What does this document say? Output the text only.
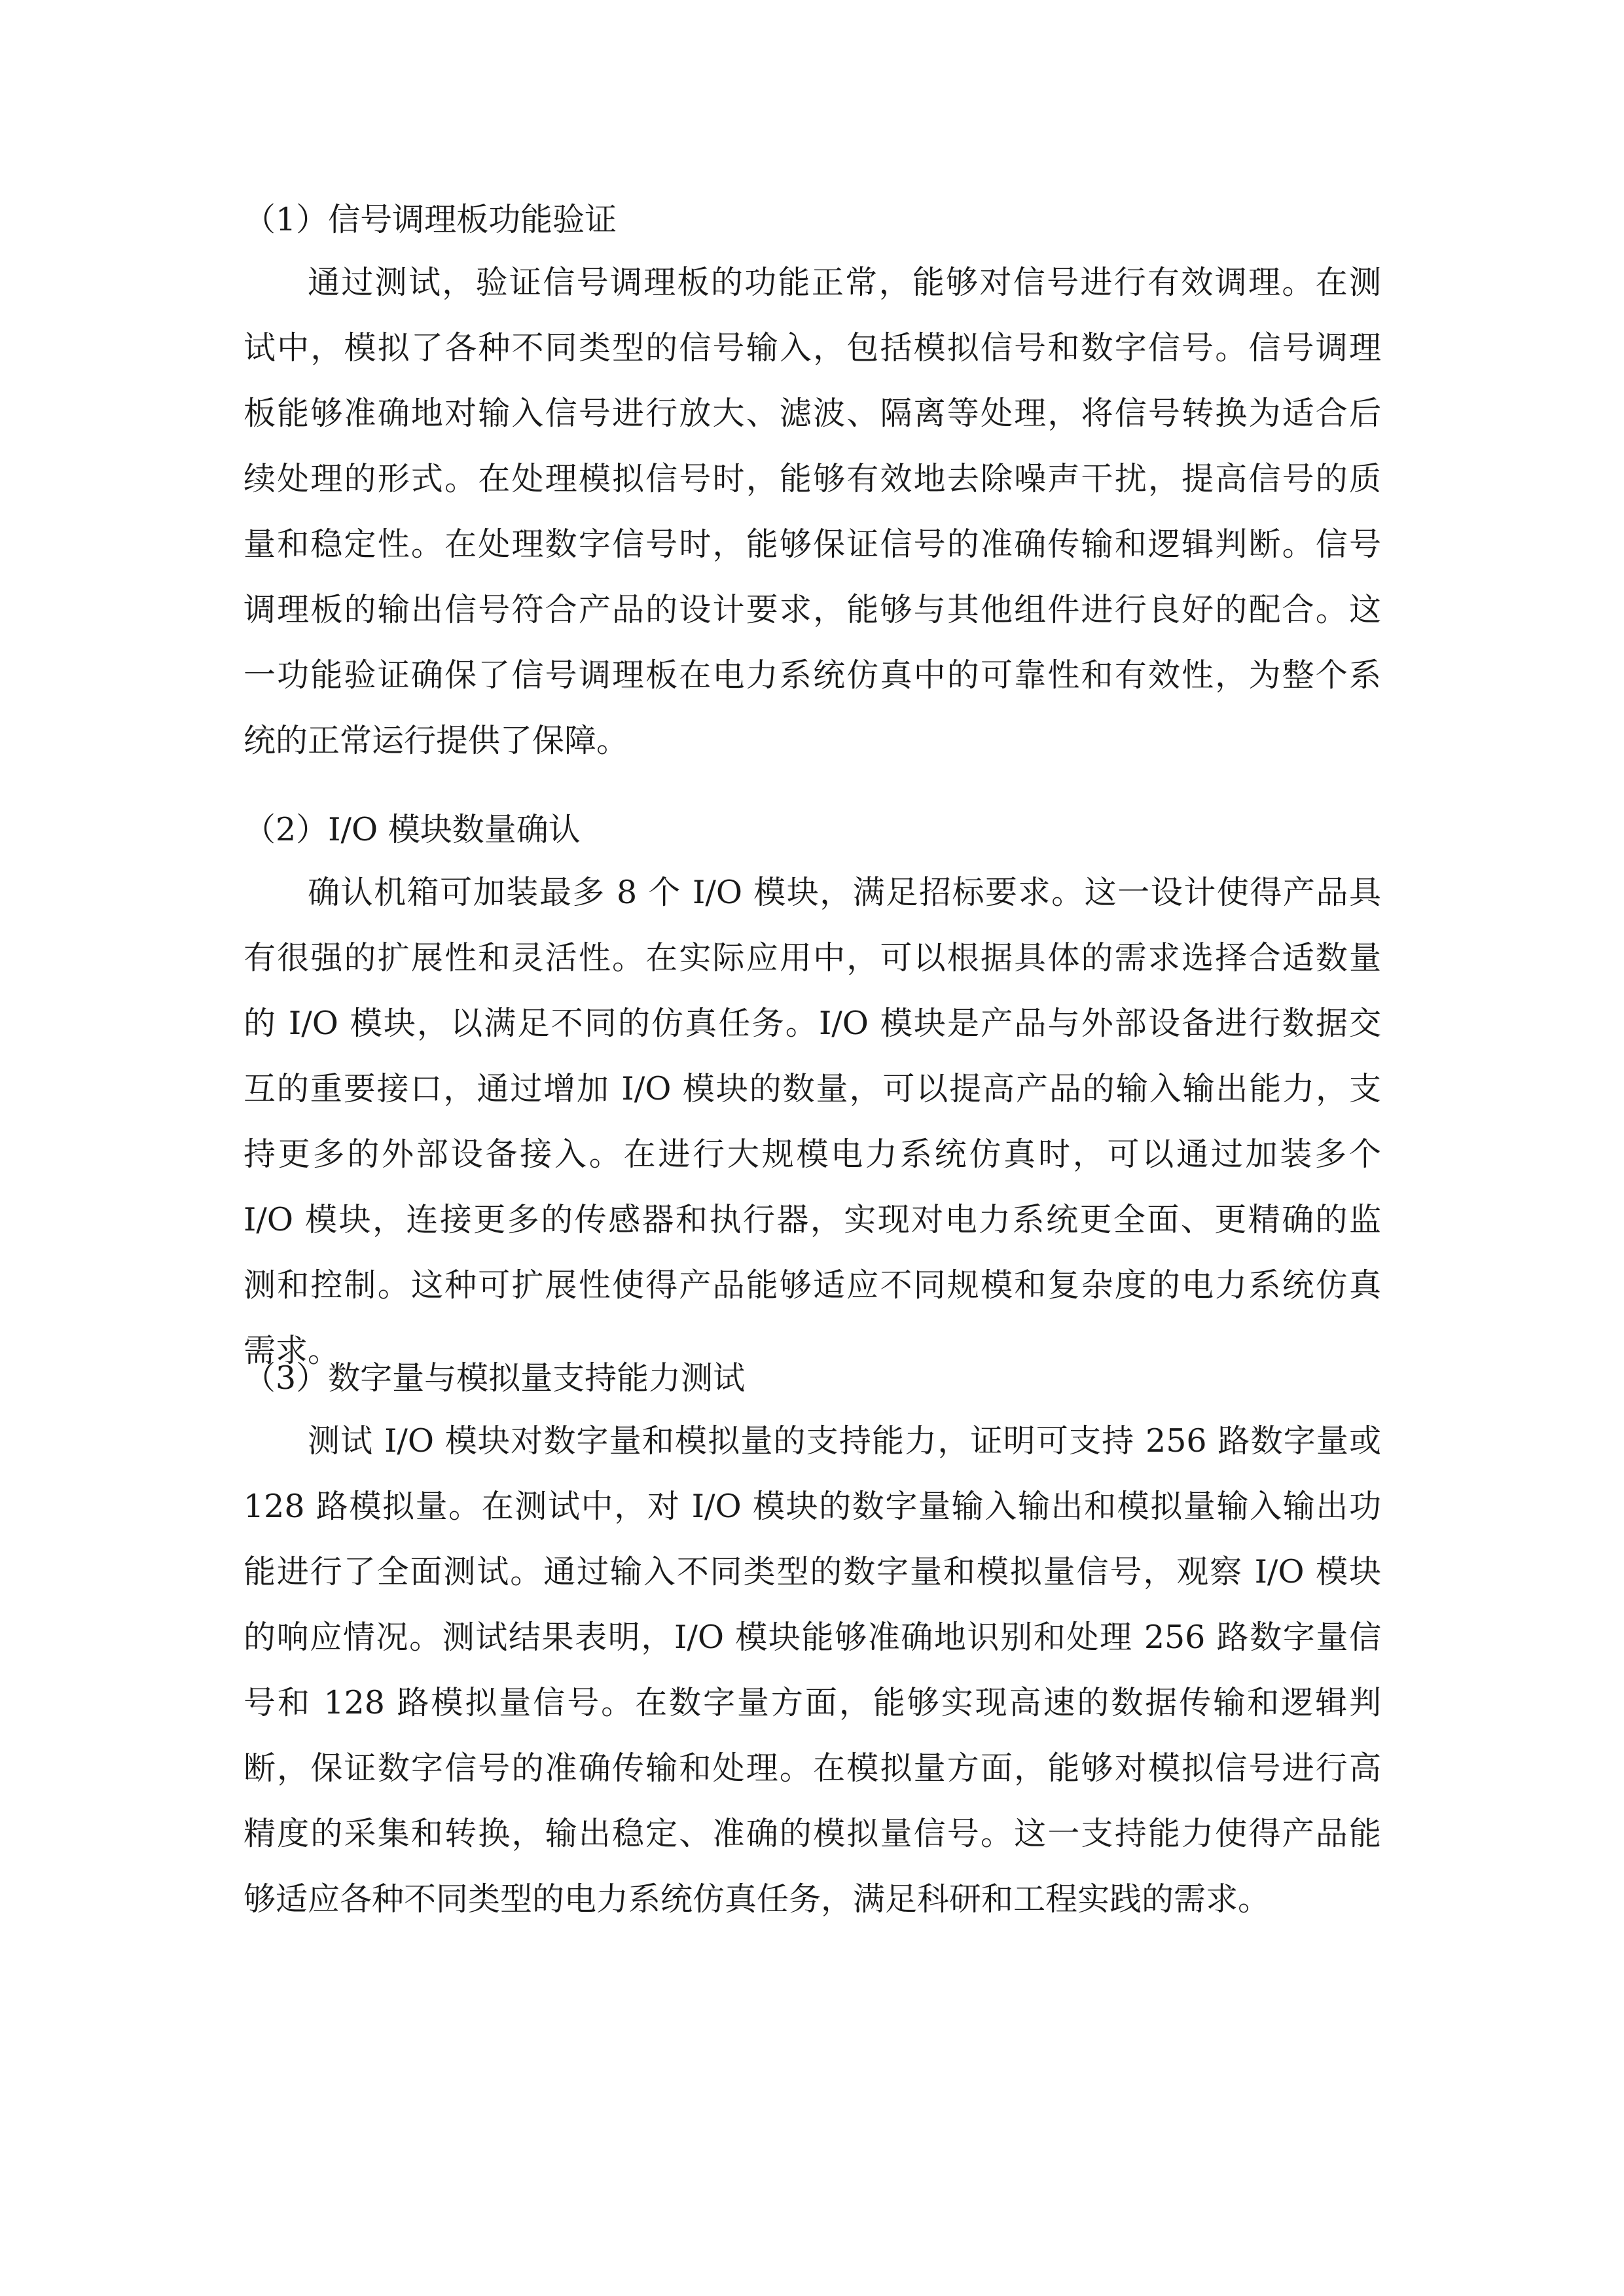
（1）信号调理板功能验证
通过测试，验证信号调理板的功能正常，能够对信号进行有效调理。在测
试中，模拟了各种不同类型的信号输入，包括模拟信号和数字信号。信号调理
板能够准确地对输入信号进行放大、滤波、隔离等处理，将信号转换为适合后
续处理的形式。在处理模拟信号时，能够有效地去除噪声干扰，提高信号的质
量和稳定性。在处理数字信号时，能够保证信号的准确传输和逻辑判断。信号
调理板的输出信号符合产品的设计要求，能够与其他组件进行良好的配合。这
一功能验证确保了信号调理板在电力系统仿真中的可靠性和有效性，为整个系
统的正常运行提供了保障。
（2）I/O 模块数量确认
确认机箱可加装最多 8 个 I/O 模块，满足招标要求。这一设计使得产品具
有很强的扩展性和灵活性。在实际应用中，可以根据具体的需求选择合适数量
的 I/O 模块，以满足不同的仿真任务。I/O 模块是产品与外部设备进行数据交
互的重要接口，通过增加 I/O 模块的数量，可以提高产品的输入输出能力，支
持更多的外部设备接入。在进行大规模电力系统仿真时，可以通过加装多个
I/O 模块，连接更多的传感器和执行器，实现对电力系统更全面、更精确的监
测和控制。这种可扩展性使得产品能够适应不同规模和复杂度的电力系统仿真
需求。
（3）数字量与模拟量支持能力测试
测试 I/O 模块对数字量和模拟量的支持能力，证明可支持 256 路数字量或
128 路模拟量。在测试中，对 I/O 模块的数字量输入输出和模拟量输入输出功
能进行了全面测试。通过输入不同类型的数字量和模拟量信号，观察 I/O 模块
的响应情况。测试结果表明，I/O 模块能够准确地识别和处理 256 路数字量信
号和 128 路模拟量信号。在数字量方面，能够实现高速的数据传输和逻辑判
断，保证数字信号的准确传输和处理。在模拟量方面，能够对模拟信号进行高
精度的采集和转换，输出稳定、准确的模拟量信号。这一支持能力使得产品能
够适应各种不同类型的电力系统仿真任务，满足科研和工程实践的需求。
